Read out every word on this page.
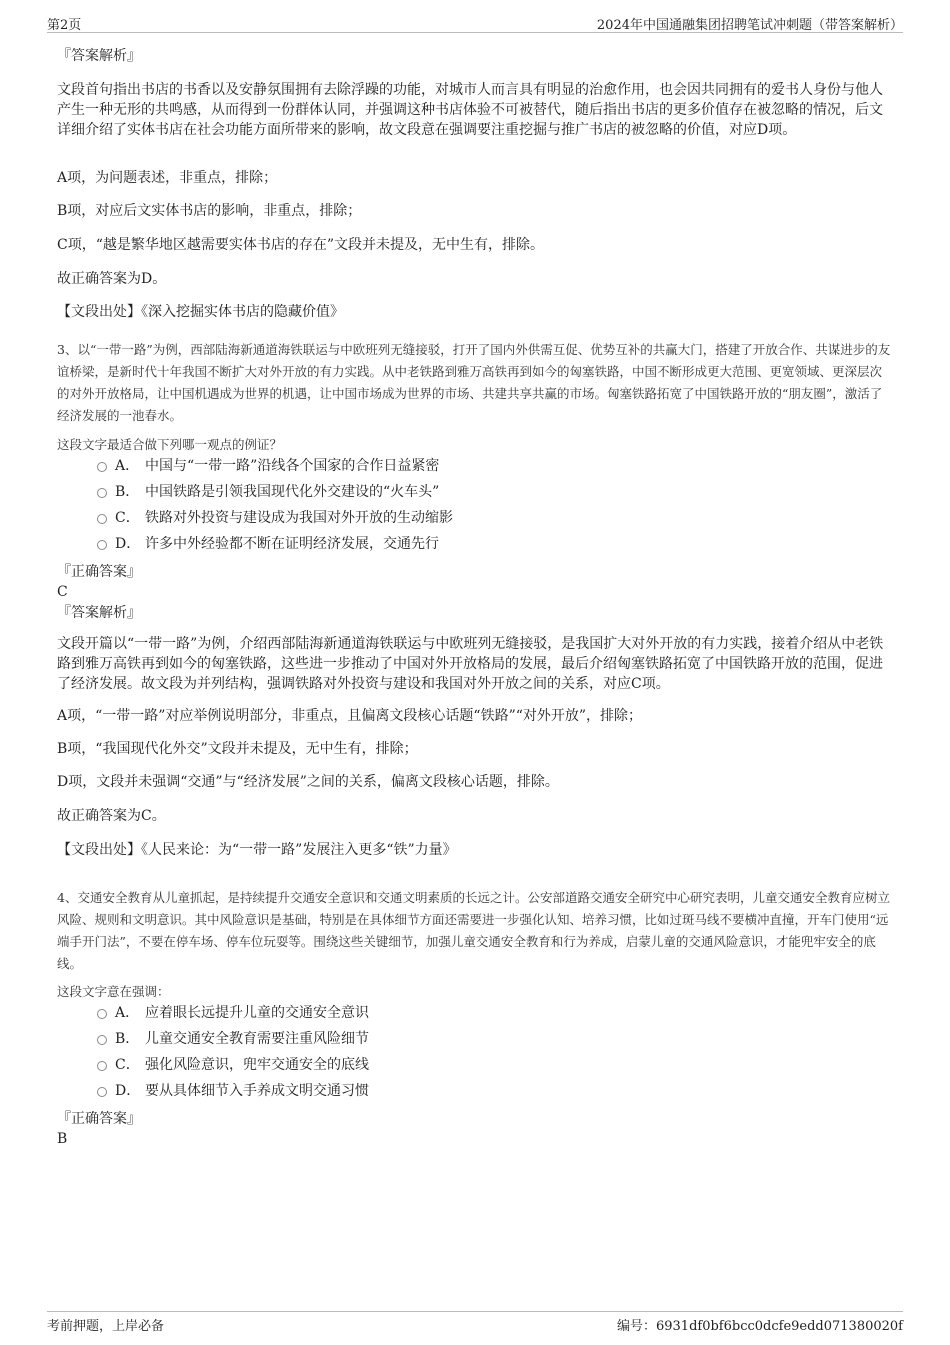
第2页	2024年中国通融集团招聘笔试冲刺题（带答案解析）

『答案解析』

文段首句指出书店的书香以及安静氛围拥有去除浮躁的功能，对城市人而言具有明显的治愈作用，也会因共同拥有的爱书人身份与他人产生一种无形的共鸣感，从而得到一份群体认同，并强调这种书店体验不可被替代，随后指出书店的更多价值存在被忽略的情况，后文详细介绍了实体书店在社会功能方面所带来的影响，故文段意在强调要注重挖掘与推广书店的被忽略的价值，对应D项。

A项，为问题表述，非重点，排除；

B项，对应后文实体书店的影响，非重点，排除；

C项，“越是繁华地区越需要实体书店的存在”文段并未提及，无中生有，排除。

故正确答案为D。

【文段出处】《深入挖掘实体书店的隐藏价值》

3、以“一带一路”为例，西部陆海新通道海铁联运与中欧班列无缝接驳，打开了国内外供需互促、优势互补的共赢大门，搭建了开放合作、共谋进步的友谊桥梁，是新时代十年我国不断扩大对外开放的有力实践。从中老铁路到雅万高铁再到如今的匈塞铁路，中国不断形成更大范围、更宽领域、更深层次的对外开放格局，让中国机遇成为世界的机遇，让中国市场成为世界的市场、共建共享共赢的市场。匈塞铁路拓宽了中国铁路开放的“朋友圈”，激活了经济发展的一池春水。

这段文字最适合做下列哪一观点的例证？

A． 中国与“一带一路”沿线各个国家的合作日益紧密
B． 中国铁路是引领我国现代化外交建设的“火车头”
C． 铁路对外投资与建设成为我国对外开放的生动缩影
D． 许多中外经验都不断在证明经济发展，交通先行

『正确答案』

C

『答案解析』

文段开篇以“一带一路”为例，介绍西部陆海新通道海铁联运与中欧班列无缝接驳，是我国扩大对外开放的有力实践，接着介绍从中老铁路到雅万高铁再到如今的匈塞铁路，这些进一步推动了中国对外开放格局的发展，最后介绍匈塞铁路拓宽了中国铁路开放的范围，促进了经济发展。故文段为并列结构，强调铁路对外投资与建设和我国对外开放之间的关系，对应C项。

A项，“一带一路”对应举例说明部分，非重点，且偏离文段核心话题“铁路”“对外开放”，排除；

B项，“我国现代化外交”文段并未提及，无中生有，排除；

D项，文段并未强调“交通”与“经济发展”之间的关系，偏离文段核心话题，排除。

故正确答案为C。

【文段出处】《人民来论：为“一带一路”发展注入更多“铁”力量》

4、交通安全教育从儿童抓起，是持续提升交通安全意识和交通文明素质的长远之计。公安部道路交通安全研究中心研究表明，儿童交通安全教育应树立风险、规则和文明意识。其中风险意识是基础，特别是在具体细节方面还需要进一步强化认知、培养习惯，比如过斑马线不要横冲直撞，开车门使用“远端手开门法”，不要在停车场、停车位玩耍等。围绕这些关键细节，加强儿童交通安全教育和行为养成，启蒙儿童的交通风险意识，才能兜牢安全的底线。

这段文字意在强调：

A． 应着眼长远提升儿童的交通安全意识
B． 儿童交通安全教育需要注重风险细节
C． 强化风险意识，兜牢交通安全的底线
D． 要从具体细节入手养成文明交通习惯

『正确答案』

B

考前押题，上岸必备	编号：6931df0bf6bcc0dcfe9edd071380020f
